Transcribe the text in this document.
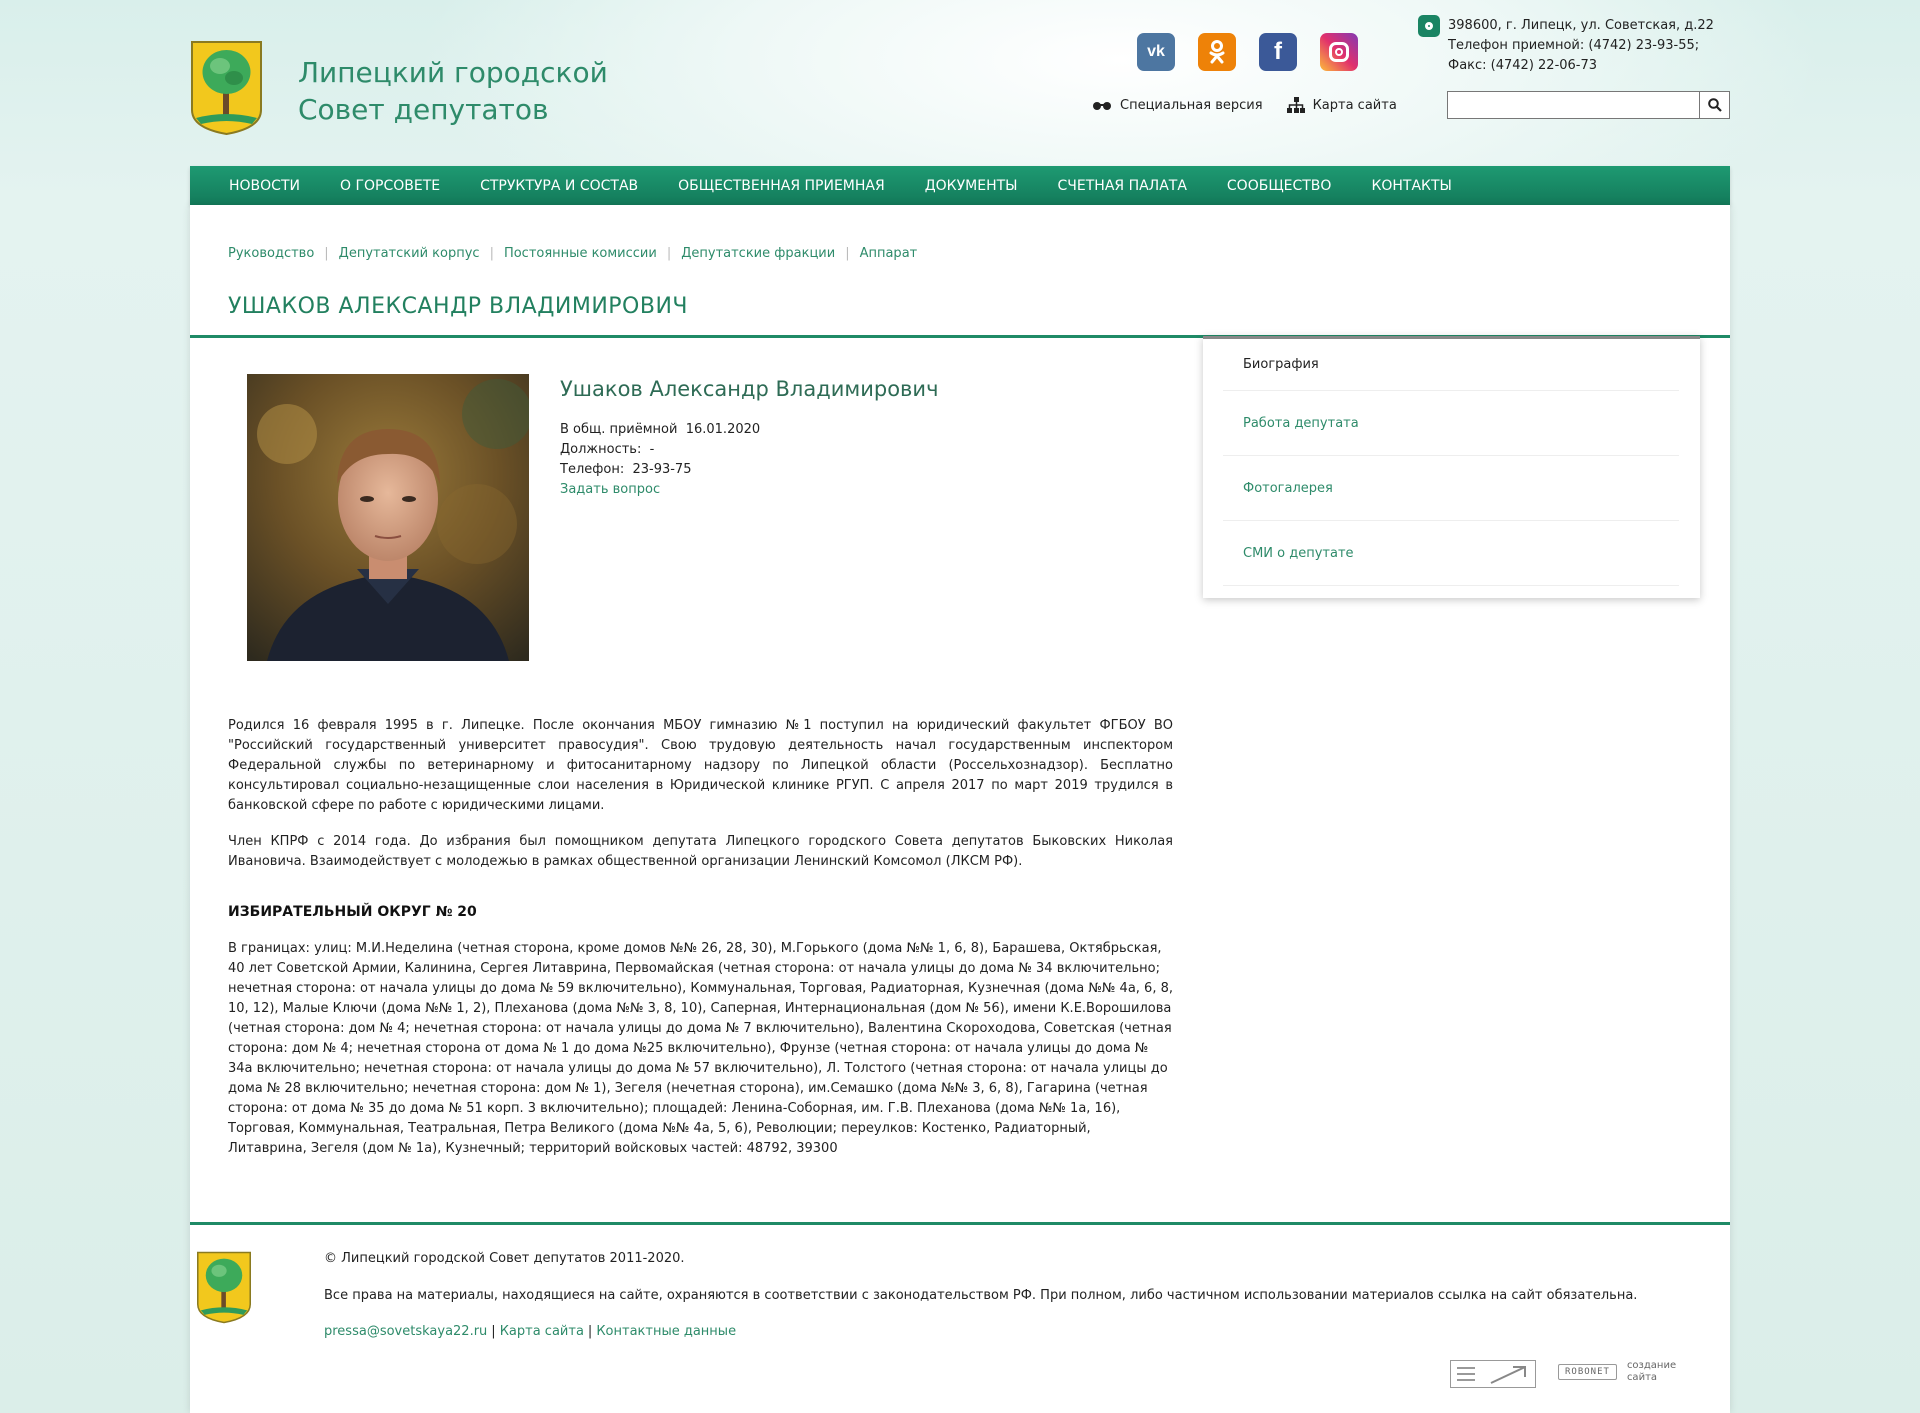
Липецкий городской
Совет депутатов
vk	f
Специальная версия	Карта сайта
398600, г. Липецк, ул. Советская, д.22
Телефон приемной: (4742) 23-93-55;
Факс: (4742) 22-06-73
НОВОСТИ	О ГОРСОВЕТЕ	СТРУКТУРА И СОСТАВ	ОБЩЕСТВЕННАЯ ПРИЕМНАЯ	ДОКУМЕНТЫ	СЧЕТНАЯ ПАЛАТА	СООБЩЕСТВО	КОНТАКТЫ
Руководство | Депутатский корпус | Постоянные комиссии | Депутатские фракции | Аппарат
УШАКОВ АЛЕКСАНДР ВЛАДИМИРОВИЧ
Ушаков Александр Владимирович
В общ. приёмной 16.01.2020
Должность: -
Телефон: 23-93-75
Задать вопрос
Биография
Работа депутата
Фотогалерея
СМИ о депутате

Родился 16 февраля 1995 в г. Липецке. После окончания МБОУ гимназию №1 поступил на юридический факультет ФГБОУ ВО "Российский государственный университет правосудия". Свою трудовую деятельность начал государственным инспектором Федеральной службы по ветеринарному и фитосанитарному надзору по Липецкой области (Россельхознадзор). Бесплатно консультировал социально-незащищенные слои населения в Юридической клинике РГУП. С апреля 2017 по март 2019 трудился в банковской сфере по работе с юридическими лицами.

Член КПРФ с 2014 года. До избрания был помощником депутата Липецкого городского Совета депутатов Быковских Николая Ивановича. Взаимодействует с молодежью в рамках общественной организации Ленинский Комсомол (ЛКСМ РФ).

ИЗБИРАТЕЛЬНЫЙ ОКРУГ № 20
В границах: улиц: М.И.Неделина (четная сторона, кроме домов №№ 26, 28, 30), М.Горького (дома №№ 1, 6, 8), Барашева, Октябрьская, 40 лет Советской Армии, Калинина, Сергея Литаврина, Первомайская (четная сторона: от начала улицы до дома № 34 включительно; нечетная сторона: от начала улицы до дома № 59 включительно), Коммунальная, Торговая, Радиаторная, Кузнечная (дома №№ 4а, 6, 8, 10, 12), Малые Ключи (дома №№ 1, 2), Плеханова (дома №№ 3, 8, 10), Саперная, Интернациональная (дом № 56), имени К.Е.Ворошилова (четная сторона: дом № 4; нечетная сторона: от начала улицы до дома № 7 включительно), Валентина Скороходова, Советская (четная сторона: дом № 4; нечетная сторона от дома № 1 до дома №25 включительно), Фрунзе (четная сторона: от начала улицы до дома № 34а включительно; нечетная сторона: от начала улицы до дома № 57 включительно), Л. Толстого (четная сторона: от начала улицы до дома № 28 включительно; нечетная сторона: дом № 1), Зегеля (нечетная сторона), им.Семашко (дома №№ 3, 6, 8), Гагарина (четная сторона: от дома № 35 до дома № 51 корп. 3 включительно); площадей: Ленина-Соборная, им. Г.В. Плеханова (дома №№ 1а, 16), Торговая, Коммунальная, Театральная, Петра Великого (дома №№ 4а, 5, 6), Революции; переулков: Костенко, Радиаторный, Литаврина, Зегеля (дом № 1а), Кузнечный; территорий войсковых частей: 48792, 39300
© Липецкий городской Совет депутатов 2011-2020.
Все права на материалы, находящиеся на сайте, охраняются в соответствии с законодательством РФ. При полном, либо частичном использовании материалов ссылка на сайт обязательна.
pressa@sovetskaya22.ru | Карта сайта | Контактные данные
ROBONET
создание
сайта
